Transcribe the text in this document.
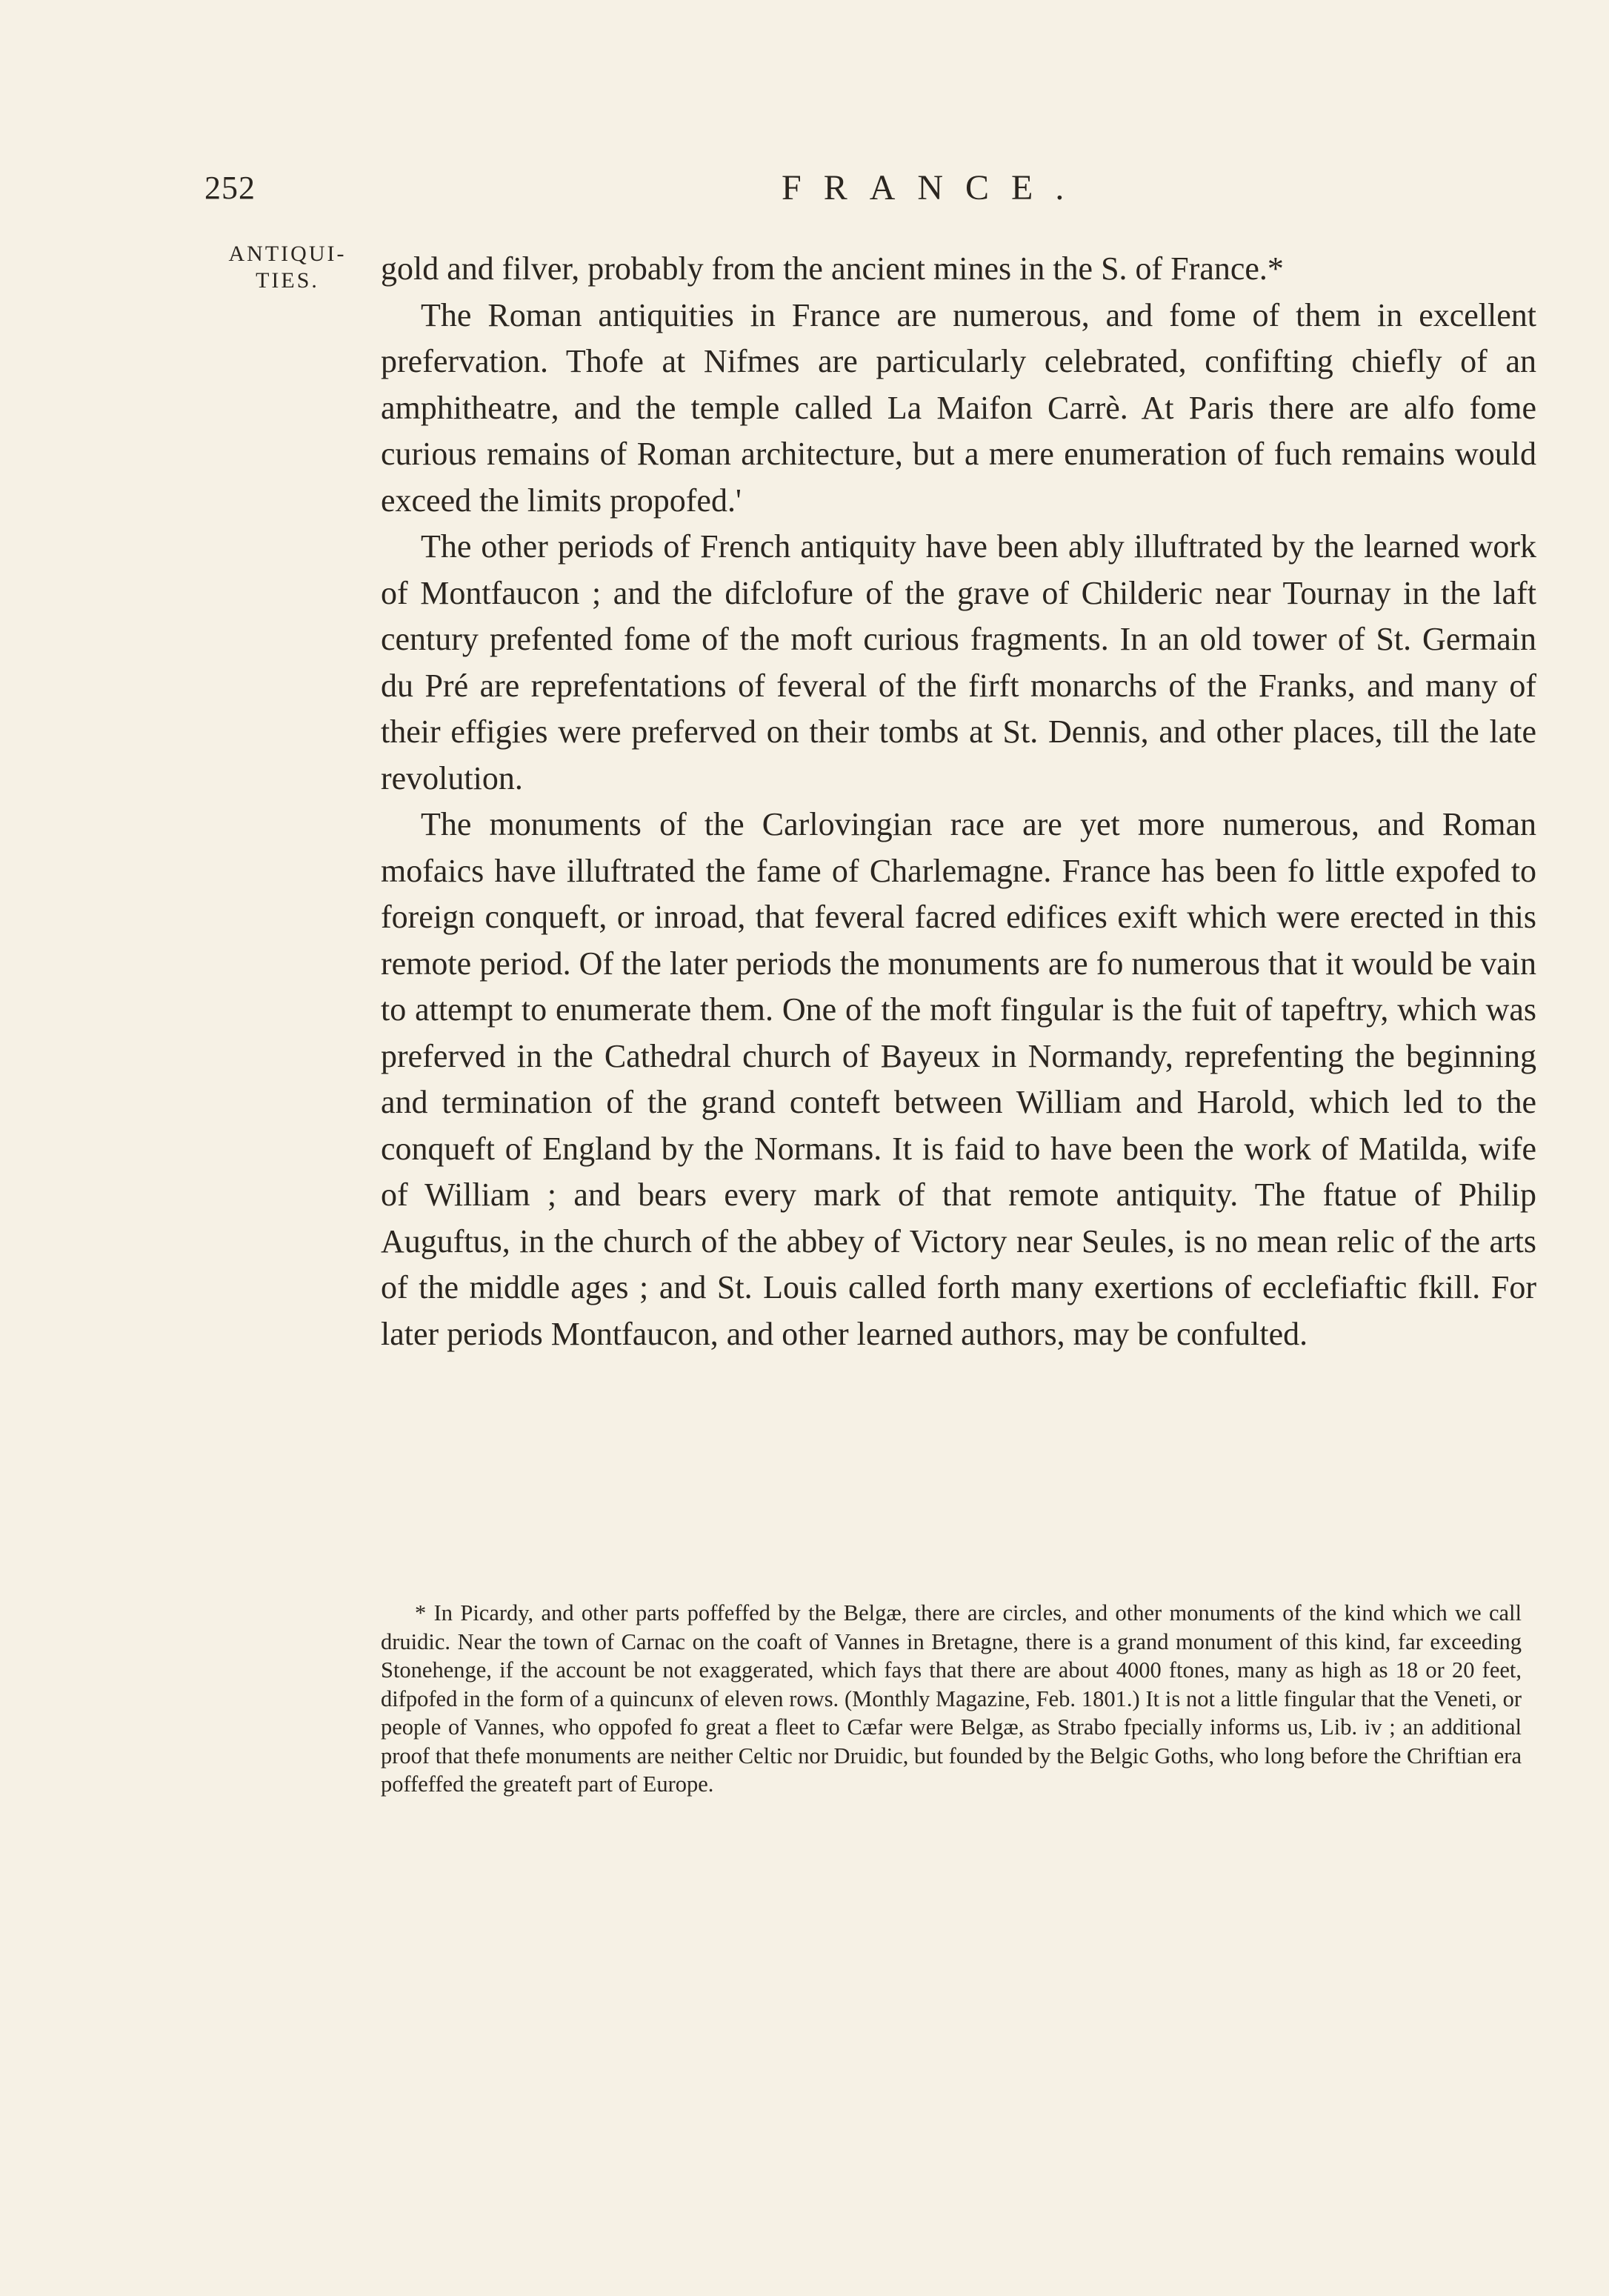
252	FRANCE.
ANTIQUI-TIES.	gold and filver, probably from the ancient mines in the S. of France.*

The Roman antiquities in France are numerous, and fome of them in excellent prefervation. Thofe at Nifmes are particularly celebrated, confifting chiefly of an amphitheatre, and the temple called La Maifon Carrè. At Paris there are alfo fome curious remains of Roman architecture, but a mere enumeration of fuch remains would exceed the limits propofed.'

The other periods of French antiquity have been ably illuftrated by the learned work of Montfaucon ; and the difclofure of the grave of Childeric near Tournay in the laft century prefented fome of the moft curious fragments. In an old tower of St. Germain du Pré are reprefentations of feveral of the firft monarchs of the Franks, and many of their effigies were preferved on their tombs at St. Dennis, and other places, till the late revolution.

The monuments of the Carlovingian race are yet more numerous, and Roman mofaics have illuftrated the fame of Charlemagne. France has been fo little expofed to foreign conqueft, or inroad, that feveral facred edifices exift which were erected in this remote period. Of the later periods the monuments are fo numerous that it would be vain to attempt to enumerate them. One of the moft fingular is the fuit of tapeftry, which was preferved in the Cathedral church of Bayeux in Normandy, reprefenting the beginning and termination of the grand conteft between William and Harold, which led to the conqueft of England by the Normans. It is faid to have been the work of Matilda, wife of William ; and bears every mark of that remote antiquity. The ftatue of Philip Auguftus, in the church of the abbey of Victory near Seules, is no mean relic of the arts of the middle ages ; and St. Louis called forth many exertions of ecclefiaftic fkill. For later periods Montfaucon, and other learned authors, may be confulted.

* In Picardy, and other parts poffeffed by the Belgæ, there are circles, and other monuments of the kind which we call druidic. Near the town of Carnac on the coaft of Vannes in Bretagne, there is a grand monument of this kind, far exceeding Stonehenge, if the account be not exaggerated, which fays that there are about 4000 ftones, many as high as 18 or 20 feet, difpofed in the form of a quincunx of eleven rows. (Monthly Magazine, Feb. 1801.) It is not a little fingular that the Veneti, or people of Vannes, who oppofed fo great a fleet to Cæfar were Belgæ, as Strabo fpecially informs us, Lib. iv ; an additional proof that thefe monuments are neither Celtic nor Druidic, but founded by the Belgic Goths, who long before the Chriftian era poffeffed the greateft part of Europe.
